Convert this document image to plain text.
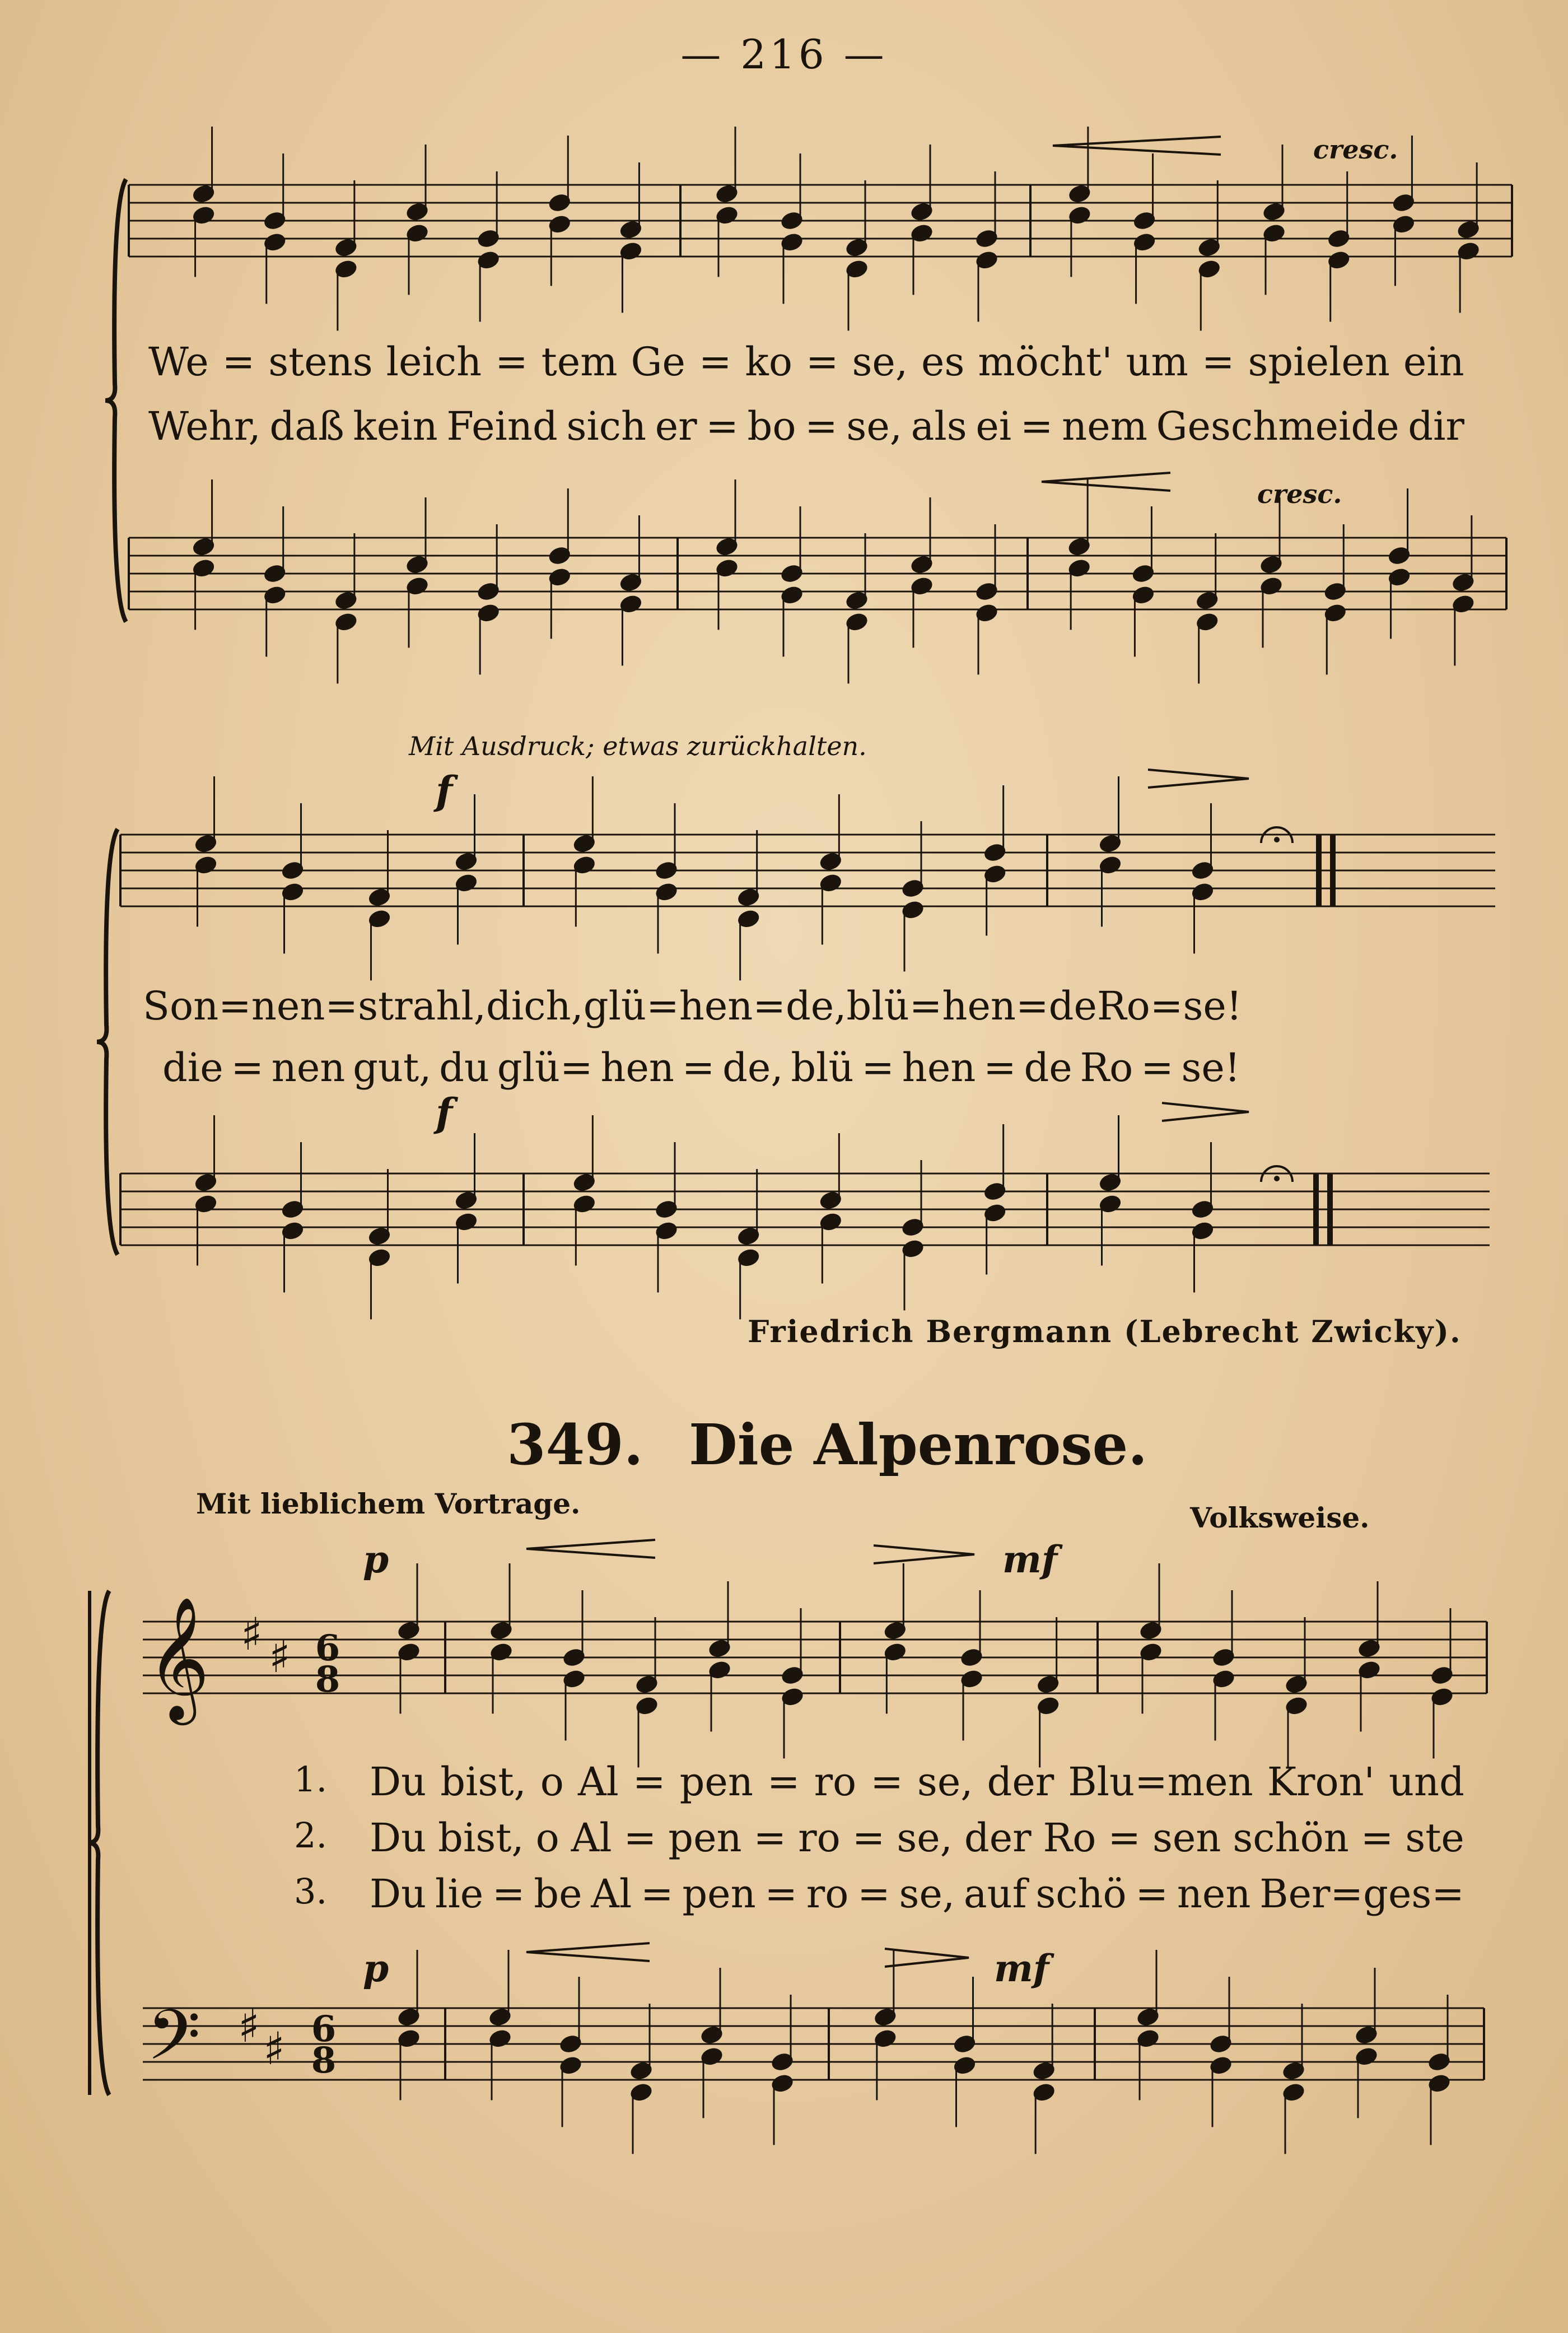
— 216 —
𝄞
𝄢
♯ ♯
♯ ♯
cresc.
We = stens leich = tem Ge = ko = se, es möcht' um = spielen ein
Wehr, daß kein Feind sich er = bo = se, als ei = nem Geschmeide dir
cresc.
Mit Ausdruck; etwas zurückhalten.
f
Son=nen=strahl, dich, glü= hen = de, blü = hen = de Ro = se!
die = nen gut, du glü= hen = de, blü = hen = de Ro = se!
f
Friedrich Bergmann (Lebrecht Zwicky).
349. Die Alpenrose.
Mit lieblichem Vortrage.	Volksweise.
p	mf
p	mf
6
8
6
8
1. Du bist, o Al = pen = ro = se, der Blu=men Kron' und
2. Du bist, o Al = pen = ro = se, der Ro = sen schön = ste
3. Du lie = be Al = pen = ro = se, auf schö = nen Ber=ges=
